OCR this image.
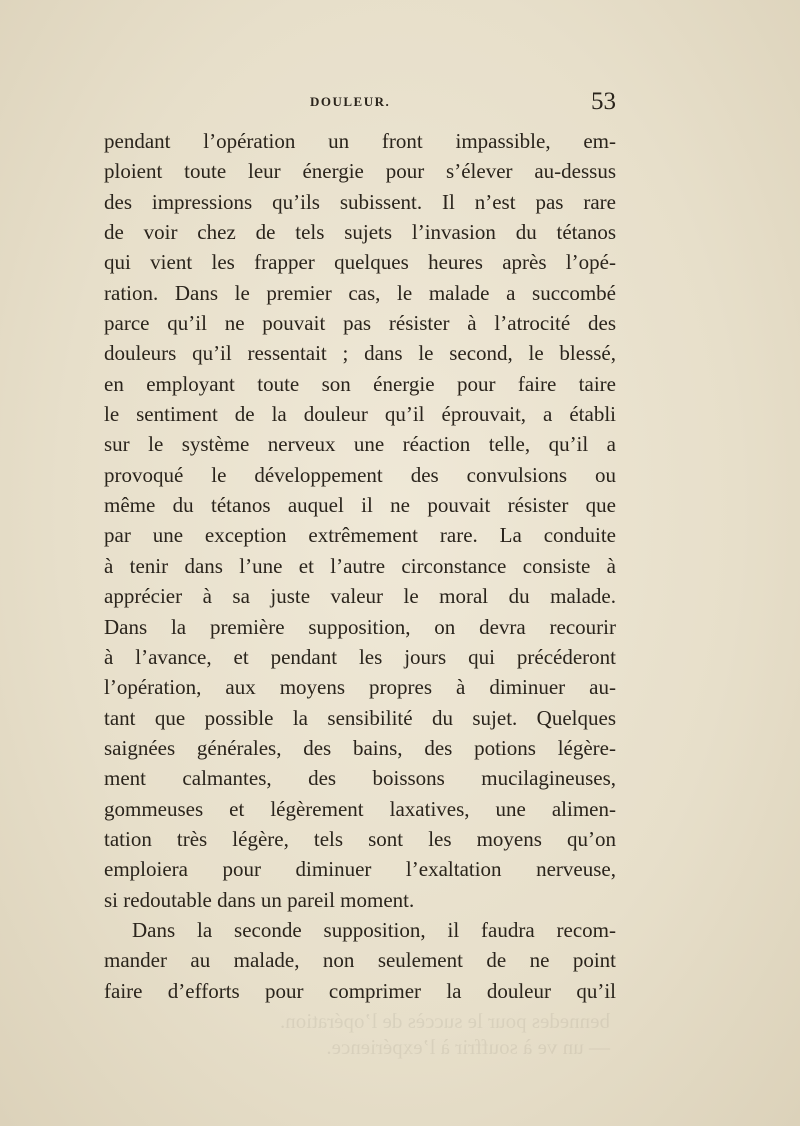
DOULEUR.	53
pendant l’opération un front impassible, em-
ploient toute leur énergie pour s’élever au-dessus
des impressions qu’ils subissent. Il n’est pas rare
de voir chez de tels sujets l’invasion du tétanos
qui vient les frapper quelques heures après l’opé-
ration. Dans le premier cas, le malade a succombé
parce qu’il ne pouvait pas résister à l’atrocité des
douleurs qu’il ressentait ; dans le second, le blessé,
en employant toute son énergie pour faire taire
le sentiment de la douleur qu’il éprouvait, a établi
sur le système nerveux une réaction telle, qu’il a
provoqué le développement des convulsions ou
même du tétanos auquel il ne pouvait résister que
par une exception extrêmement rare. La conduite
à tenir dans l’une et l’autre circonstance consiste à
apprécier à sa juste valeur le moral du malade.
Dans la première supposition, on devra recourir
à l’avance, et pendant les jours qui précéderont
l’opération, aux moyens propres à diminuer au-
tant que possible la sensibilité du sujet. Quelques
saignées générales, des bains, des potions légère-
ment calmantes, des boissons mucilagineuses,
gommeuses et légèrement laxatives, une alimen-
tation très légère, tels sont les moyens qu’on
emploiera pour diminuer l’exaltation nerveuse,
si redoutable dans un pareil moment.
Dans la seconde supposition, il faudra recom-
mander au malade, non seulement de ne point
faire d’efforts pour comprimer la douleur qu’il
bennedes pour le succès de l’opération.
— un ve à souffrir à l’expérience.
